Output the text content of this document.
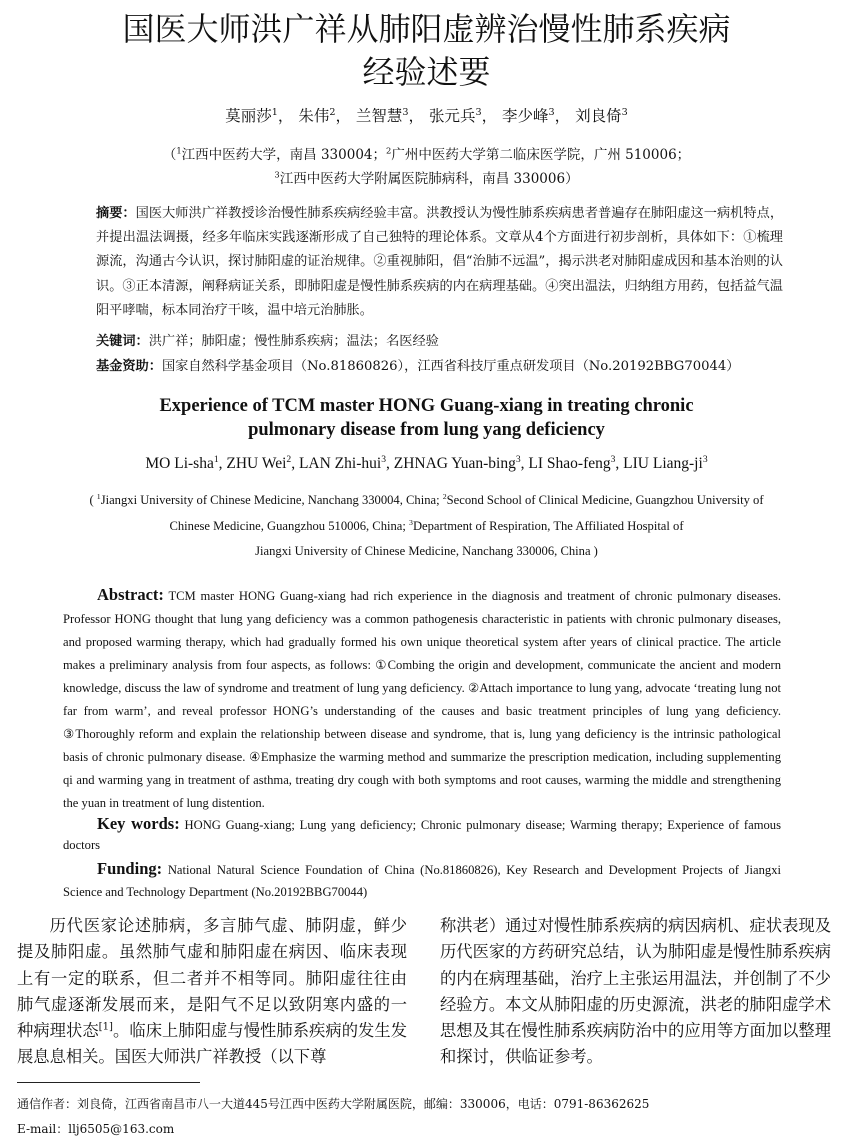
国医大师洪广祥从肺阳虚辨治慢性肺系疾病
经验述要
莫丽莎$^1$， 朱伟$^2$， 兰智慧$^3$， 张元兵$^3$， 李少峰$^3$， 刘良倚$^3$
（$^1$江西中医药大学，南昌 330004；$^2$广州中医药大学第二临床医学院，广州 510006；
$^3$江西中医药大学附属医院肺病科，南昌 330006）
摘要：国医大师洪广祥教授诊治慢性肺系疾病经验丰富。洪教授认为慢性肺系疾病患者普遍存在肺阳虚这一病机特点，并提出温法调摄，经多年临床实践逐渐形成了自己独特的理论体系。文章从4个方面进行初步剖析，具体如下：①梳理源流，沟通古今认识，探讨肺阳虚的证治规律。②重视肺阳，倡“治肺不远温”，揭示洪老对肺阳虚成因和基本治则的认识。③正本清源，阐释病证关系，即肺阳虚是慢性肺系疾病的内在病理基础。④突出温法，归纳组方用药，包括益气温阳平哮喘，标本同治疗干咳，温中培元治肺胀。
关键词：洪广祥；肺阳虚；慢性肺系疾病；温法；名医经验
基金资助：国家自然科学基金项目（No.81860826），江西省科技厅重点研发项目（No.20192BBG70044）
Experience of TCM master HONG Guang-xiang in treating chronic
pulmonary disease from lung yang deficiency
MO Li-sha$^1$, ZHU Wei$^2$, LAN Zhi-hui$^3$, ZHNAG Yuan-bing$^3$, LI Shao-feng$^3$, LIU Liang-$ji^3$
( $^1$Jiangxi University of Chinese Medicine, Nanchang 330004, China; $^2$Second School of Clinical Medicine, Guangzhou University of
Chinese Medicine, Guangzhou 510006, China; $^3$Department of Respiration, The Affiliated Hospital of
Jiangxi University of Chinese Medicine, Nanchang 330006, China )
Abstract: TCM master HONG Guang-xiang had rich experience in the diagnosis and treatment of chronic pulmonary diseases. Professor HONG thought that lung yang deficiency was a common pathogenesis characteristic in patients with chronic pulmonary diseases, and proposed warming therapy, which had gradually formed his own unique theoretical system after years of clinical practice. The article makes a preliminary analysis from four aspects, as follows: ①Combing the origin and development, communicate the ancient and modern knowledge, discuss the law of syndrome and treatment of lung yang deficiency. ②Attach importance to lung yang, advocate ‘treating lung not far from warm’, and reveal professor HONG’s understanding of the causes and basic treatment principles of lung yang deficiency. ③Thoroughly reform and explain the relationship between disease and syndrome, that is, lung yang deficiency is the intrinsic pathological basis of chronic pulmonary disease. ④Emphasize the warming method and summarize the prescription medication, including supplementing qi and warming yang in treatment of asthma, treating dry cough with both symptoms and root causes, warming the middle and strengthening the yuan in treatment of lung distention.
Key words: HONG Guang-xiang; Lung yang deficiency; Chronic pulmonary disease; Warming therapy; Experience of famous doctors
Funding: National Natural Science Foundation of China (No.81860826), Key Research and Development Projects of Jiangxi Science and Technology Department (No.20192BBG70044)
历代医家论述肺病，多言肺气虚、肺阴虚，鲜少提及肺阳虚。虽然肺气虚和肺阳虚在病因、临床表现上有一定的联系，但二者并不相等同。肺阳虚往往由肺气虚逐渐发展而来，是阳气不足以致阴寒内盛的一种病理状态[1]。临床上肺阳虚与慢性肺系疾病的发生发展息息相关。国医大师洪广祥教授（以下尊
称洪老）通过对慢性肺系疾病的病因病机、症状表现及历代医家的方药研究总结，认为肺阳虚是慢性肺系疾病的内在病理基础，治疗上主张运用温法，并创制了不少经验方。本文从肺阳虚的历史源流，洪老的肺阳虚学术思想及其在慢性肺系疾病防治中的应用等方面加以整理和探讨，供临证参考。
通信作者：刘良倚，江西省南昌市八一大道445号江西中医药大学附属医院，邮编：330006，电话：0791-86362625
E-mail：llj6505@163.com
